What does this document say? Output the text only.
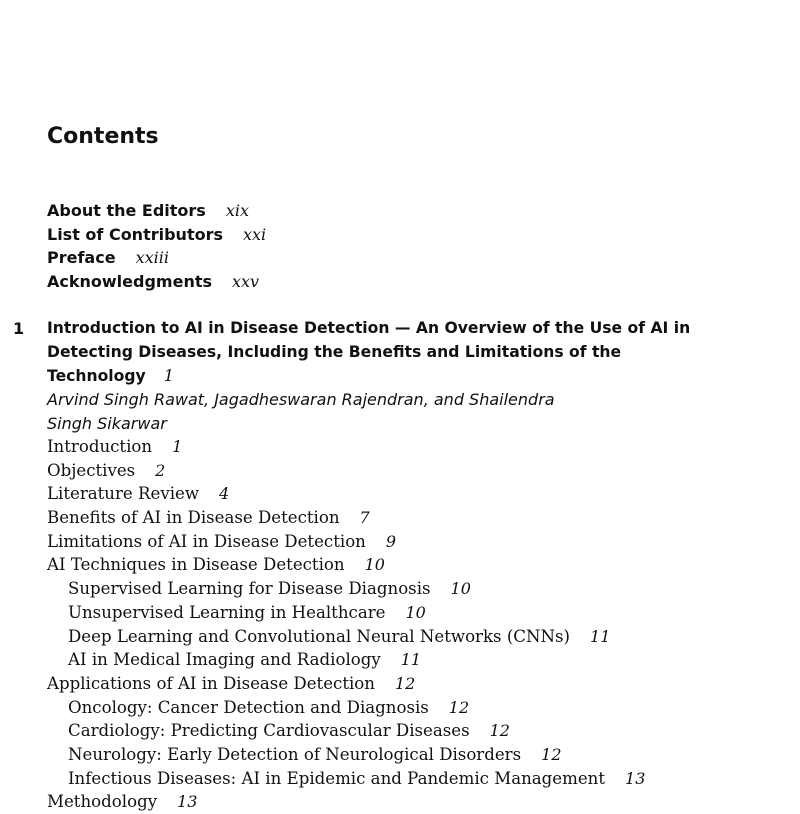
Contents
About the Editors xix
List of Contributors xxi
Preface xxiii
Acknowledgments xxv
1 Introduction to AI in Disease Detection — An Overview of the Use of AI in Detecting Diseases, Including the Benefits and Limitations of the Technology 1

Arvind Singh Rawat, Jagadheswaran Rajendran, and Shailendra Singh Sikarwar

Introduction 1
Objectives 2
Literature Review 4
Benefits of AI in Disease Detection 7
Limitations of AI in Disease Detection 9
AI Techniques in Disease Detection 10
Supervised Learning for Disease Diagnosis 10
Unsupervised Learning in Healthcare 10
Deep Learning and Convolutional Neural Networks (CNNs) 11
AI in Medical Imaging and Radiology 11
Applications of AI in Disease Detection 12
Oncology: Cancer Detection and Diagnosis 12
Cardiology: Predicting Cardiovascular Diseases 12
Neurology: Early Detection of Neurological Disorders 12
Infectious Diseases: AI in Epidemic and Pandemic Management 13
Methodology 13
